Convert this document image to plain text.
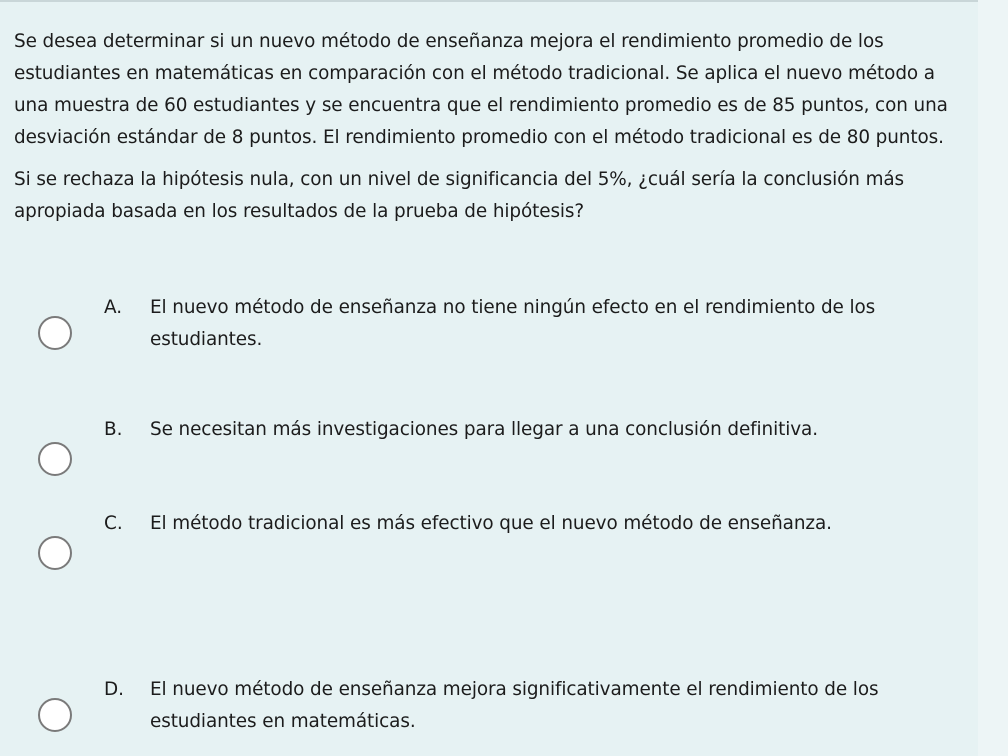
Se desea determinar si un nuevo método de enseñanza mejora el rendimiento promedio de los estudiantes en matemáticas en comparación con el método tradicional. Se aplica el nuevo método a una muestra de 60 estudiantes y se encuentra que el rendimiento promedio es de 85 puntos, con una desviación estándar de 8 puntos. El rendimiento promedio con el método tradicional es de 80 puntos.

Si se rechaza la hipótesis nula, con un nivel de significancia del 5%, ¿cuál sería la conclusión más apropiada basada en los resultados de la prueba de hipótesis?

A. El nuevo método de enseñanza no tiene ningún efecto en el rendimiento de los estudiantes.
B. Se necesitan más investigaciones para llegar a una conclusión definitiva.
C. El método tradicional es más efectivo que el nuevo método de enseñanza.
D. El nuevo método de enseñanza mejora significativamente el rendimiento de los estudiantes en matemáticas.
